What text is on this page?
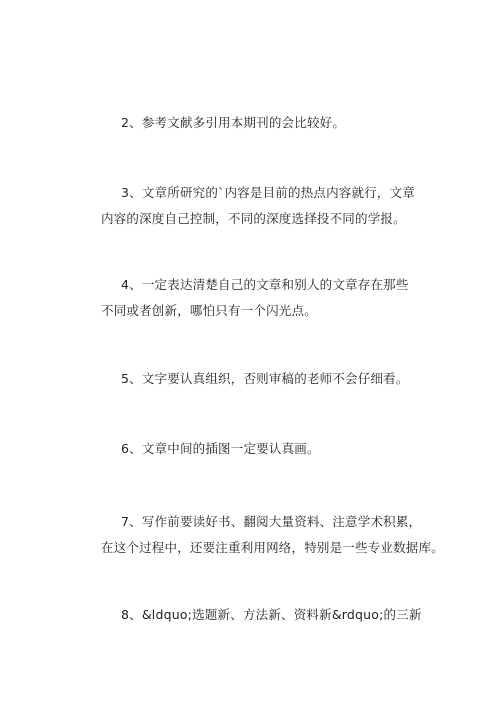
2、参考文献多引用本期刊的会比较好。
3、文章所研究的`内容是目前的热点内容就行，文章
内容的深度自己控制，不同的深度选择投不同的学报。
4、一定表达清楚自己的文章和别人的文章存在那些
不同或者创新，哪怕只有一个闪光点。
5、文字要认真组织，否则审稿的老师不会仔细看。
6、文章中间的插图一定要认真画。
7、写作前要读好书、翻阅大量资料、注意学术积累，
在这个过程中，还要注重利用网络，特别是一些专业数据库。
8、&ldquo;选题新、方法新、资料新&rdquo;的三新
